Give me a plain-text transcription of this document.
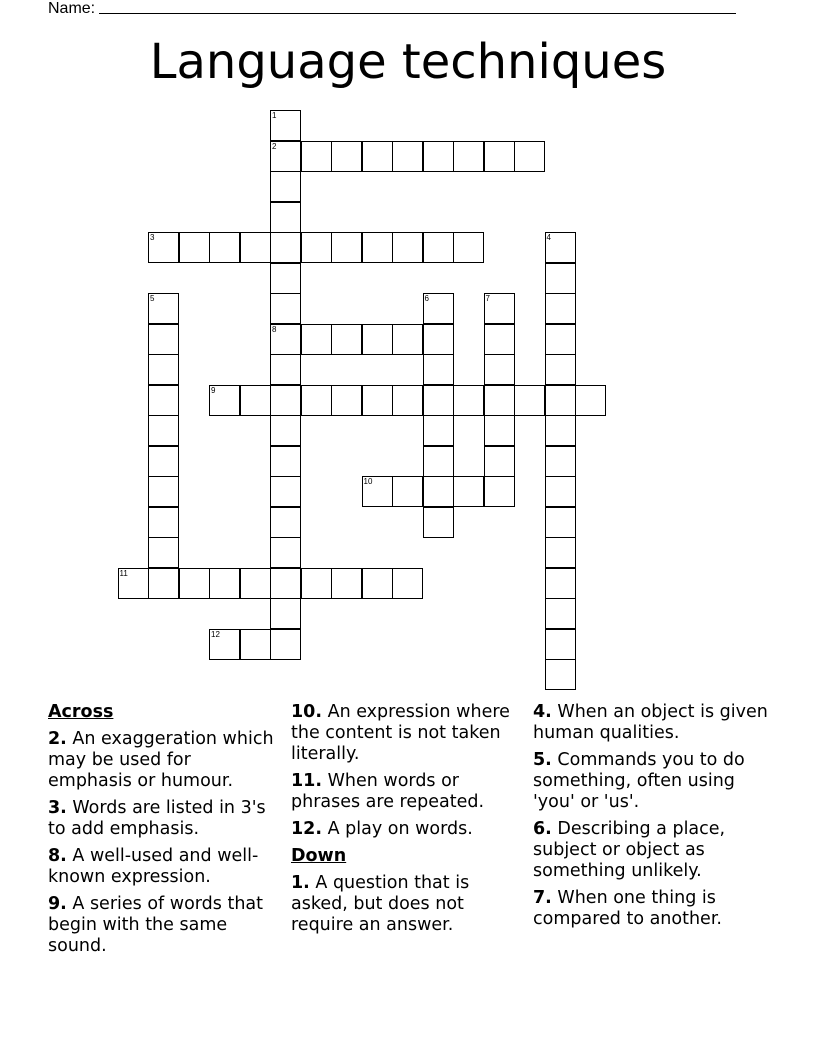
Name:
Language techniques
1
2
8
3	4
5	6	7
9
10
11
12
Across
2. An exaggeration which may be used for emphasis or humour.
3. Words are listed in 3's to add emphasis.
8. A well-used and well-known expression.
9. A series of words that begin with the same sound.
10. An expression where the content is not taken literally.
11. When words or phrases are repeated.
12. A play on words.
Down
1. A question that is asked, but does not require an answer.
4. When an object is given human qualities.
5. Commands you to do something, often using 'you' or 'us'.
6. Describing a place, subject or object as something unlikely.
7. When one thing is compared to another.
